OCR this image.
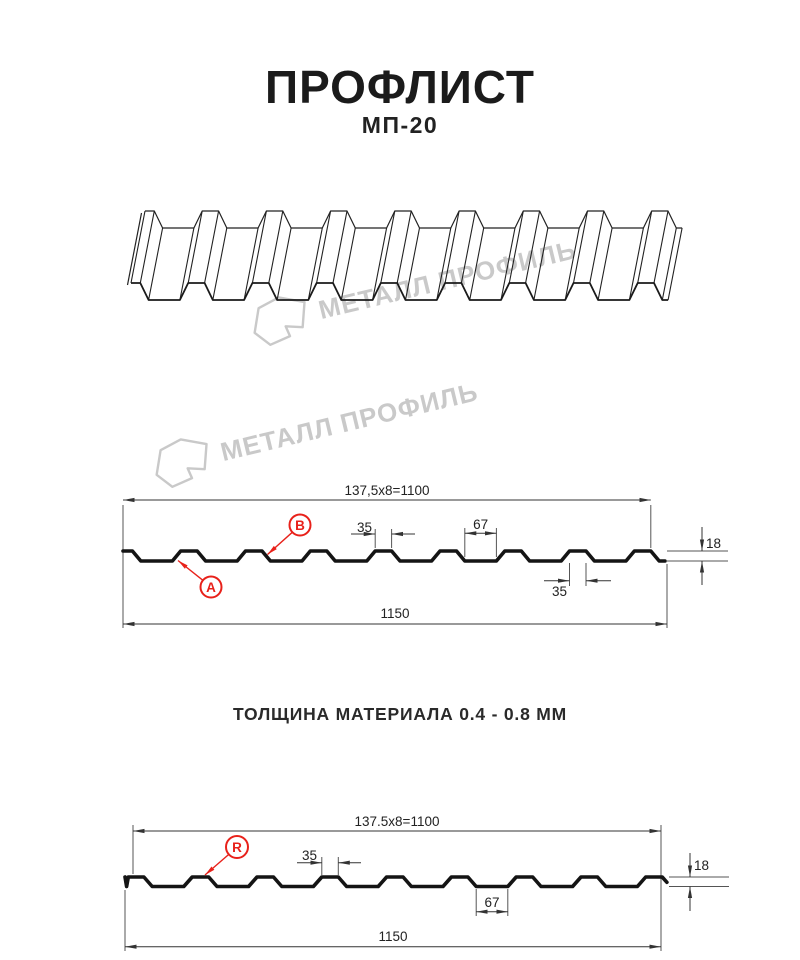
МЕТАЛЛ ПРОФИЛЬ
МЕТАЛЛ ПРОФИЛЬ
ПРОФЛИСТ
МП-20

B
A
137,5x8=1100
35	67
18
35
1150

R
137.5x8=1100
35
67
18
1150
ТОЛЩИНА МАТЕРИАЛА 0.4 - 0.8 ММ
